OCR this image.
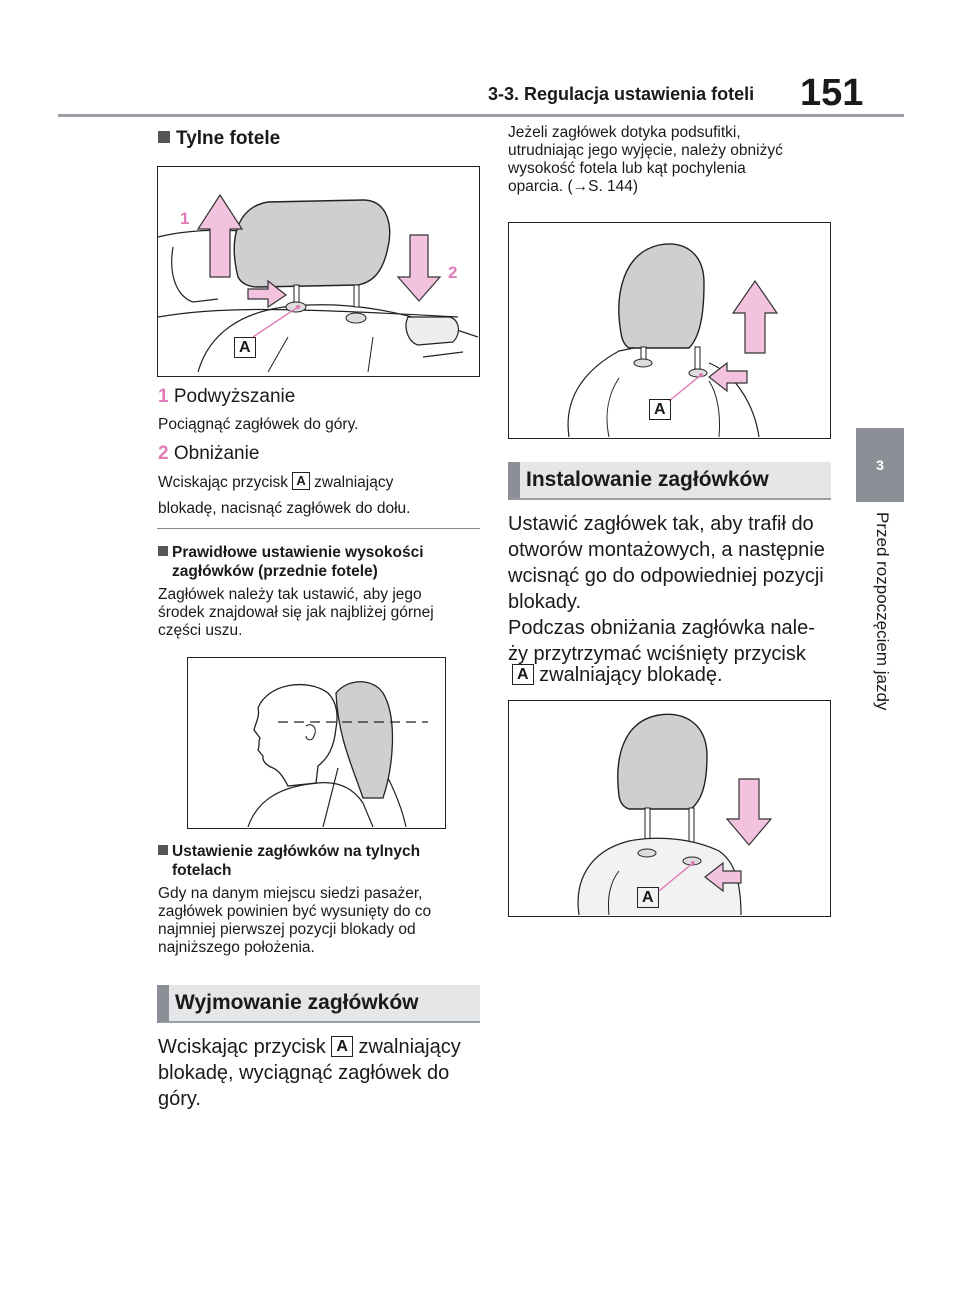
3-3. Regulacja ustawienia foteli 151
3
Przed rozpoczęciem jazdy
Tylne fotele
1
2
A
1 Podwyższanie
Pociągnąć zagłówek do góry.
2 Obniżanie
Wciskając przycisk A zwalniający
blokadę, nacisnąć zagłówek do dołu.
Prawidłowe ustawienie wysokości
zagłówków (przednie fotele)
Zagłówek należy tak ustawić, aby jego
środek znajdował się jak najbliżej górnej
części uszu.
Ustawienie zagłówków na tylnych
fotelach
Gdy na danym miejscu siedzi pasażer,
zagłówek powinien być wysunięty do co
najmniej pierwszej pozycji blokady od
najniższego położenia.
Wyjmowanie zagłówków
Wciskając przycisk A zwalniający
blokadę, wyciągnąć zagłówek do
góry.
Jeżeli zagłówek dotyka podsufitki,
utrudniając jego wyjęcie, należy obniżyć
wysokość fotela lub kąt pochylenia
oparcia. (→S. 144)
A
Instalowanie zagłówków
Ustawić zagłówek tak, aby trafił do
otworów montażowych, a następnie
wcisnąć go do odpowiedniej pozycji
blokady.
Podczas obniżania zagłówka nale-
ży przytrzymać wciśnięty przycisk
A zwalniający blokadę.
A
